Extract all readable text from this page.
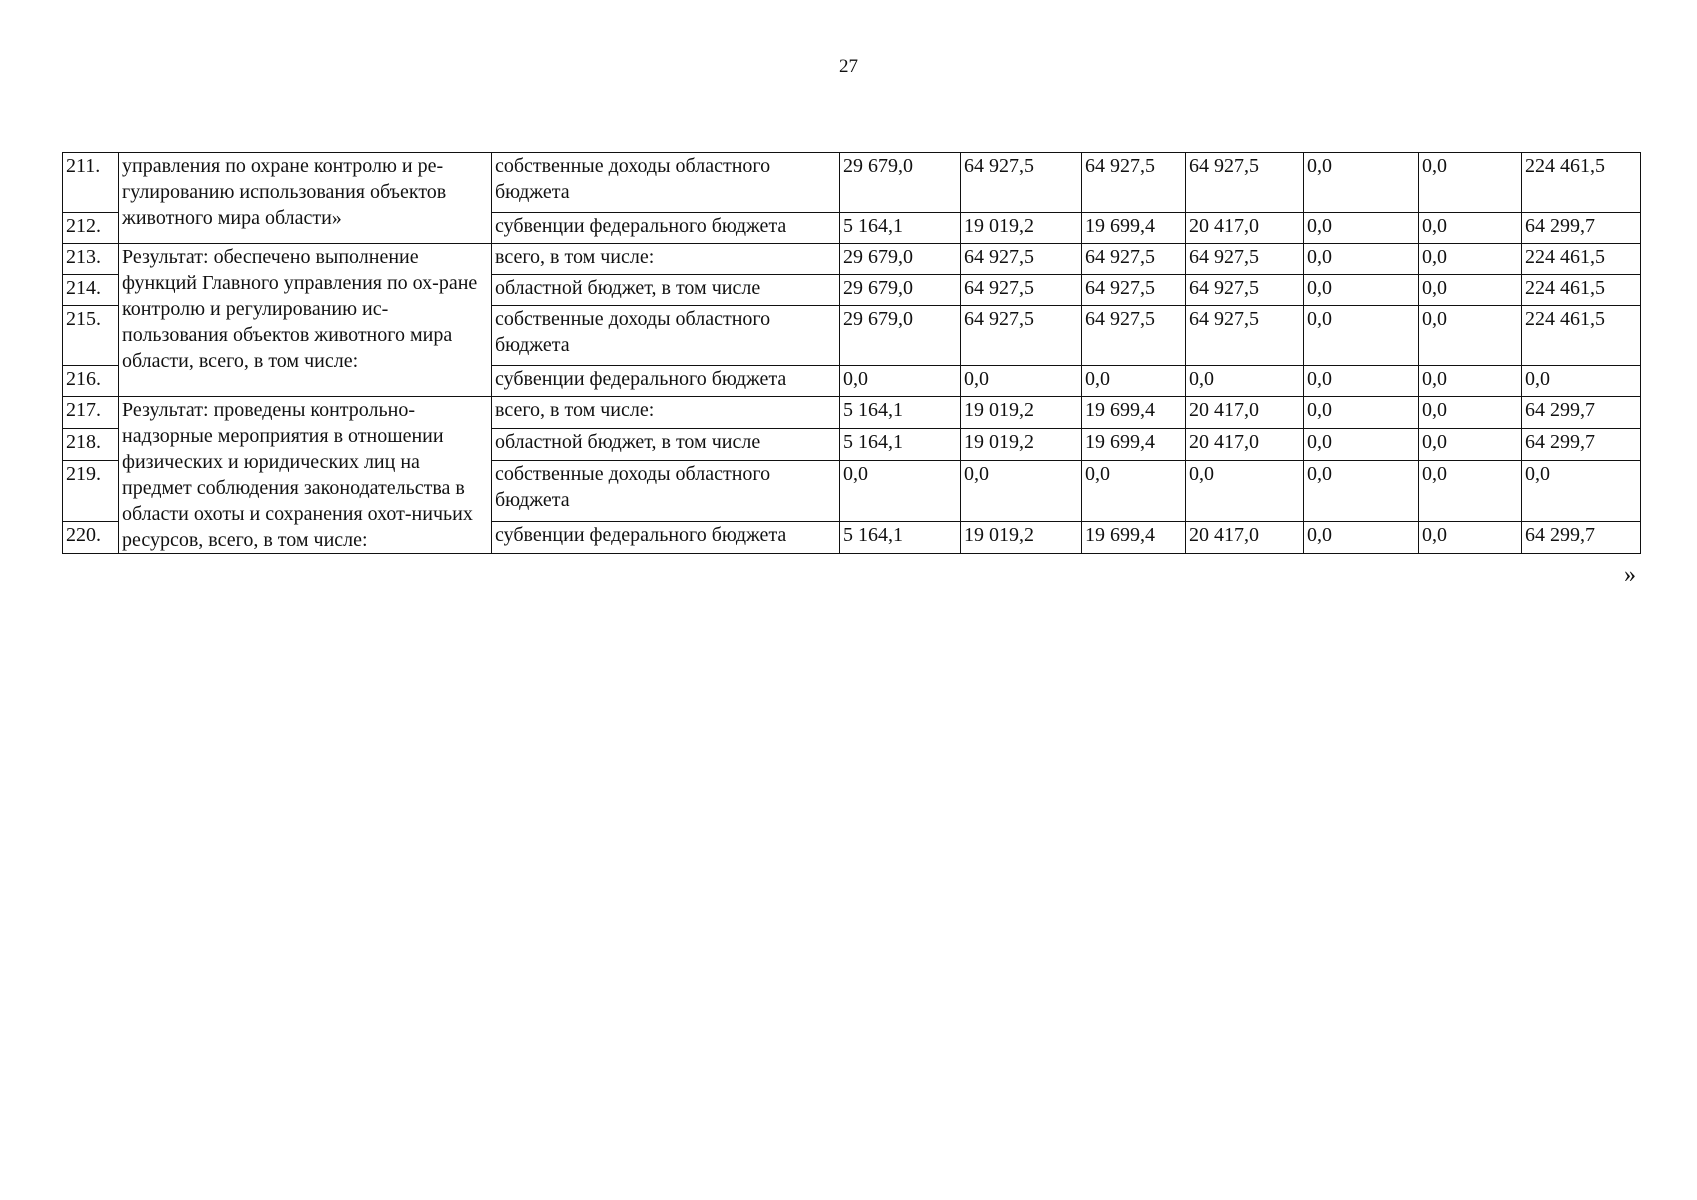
27
211.	управления по охране контролю и ре-гулированию использования объектов животного мира области»	собственные доходы областного бюджета	29 679,0	64 927,5	64 927,5	64 927,5	0,0	0,0	224 461,5
212.		субвенции федерального бюджета	5 164,1	19 019,2	19 699,4	20 417,0	0,0	0,0	64 299,7
213.	Результат: обеспечено выполнение функций Главного управления по ох-ране контролю и регулированию ис-пользования объектов животного мира области, всего, в том числе:	всего, в том числе:	29 679,0	64 927,5	64 927,5	64 927,5	0,0	0,0	224 461,5
214.		областной бюджет, в том числе	29 679,0	64 927,5	64 927,5	64 927,5	0,0	0,0	224 461,5
215.		собственные доходы областного бюджета	29 679,0	64 927,5	64 927,5	64 927,5	0,0	0,0	224 461,5
216.		субвенции федерального бюджета	0,0	0,0	0,0	0,0	0,0	0,0	0,0
217.	Результат: проведены контрольно-надзорные мероприятия в отношении физических и юридических лиц на предмет соблюдения законодательства в области охоты и сохранения охот-ничьих ресурсов, всего, в том числе:	всего, в том числе:	5 164,1	19 019,2	19 699,4	20 417,0	0,0	0,0	64 299,7
218.		областной бюджет, в том числе	5 164,1	19 019,2	19 699,4	20 417,0	0,0	0,0	64 299,7
219.		собственные доходы областного бюджета	0,0	0,0	0,0	0,0	0,0	0,0	0,0
220.		субвенции федерального бюджета	5 164,1	19 019,2	19 699,4	20 417,0	0,0	0,0	64 299,7
»
